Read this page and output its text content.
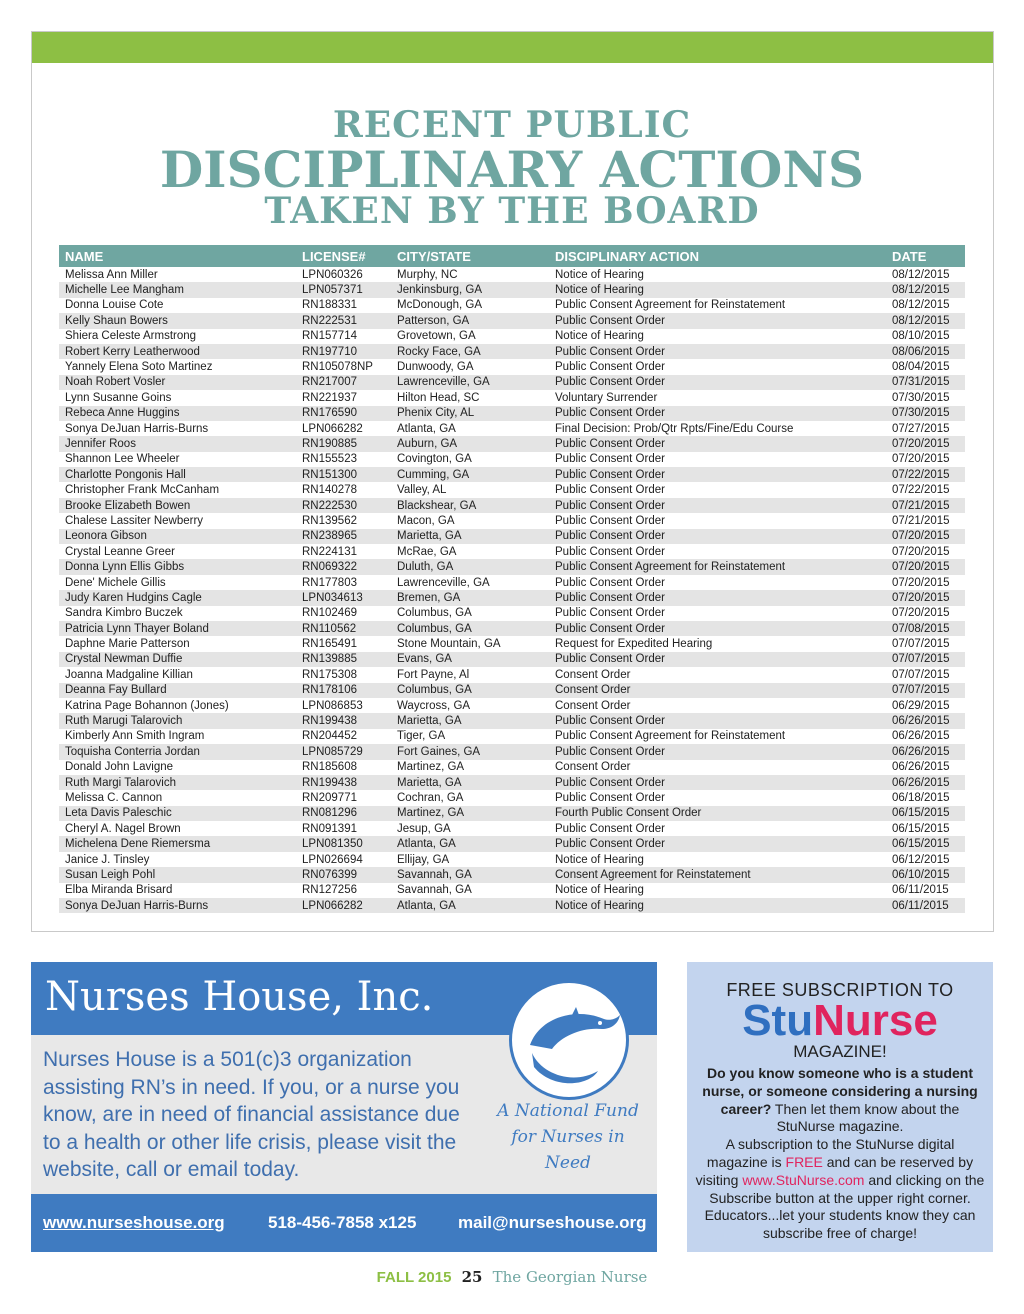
RECENT PUBLIC
DISCIPLINARY ACTIONS
TAKEN BY THE BOARD
NAME	LICENSE#	CITY/STATE	DISCIPLINARY ACTION	DATE
Melissa Ann Miller	LPN060326	Murphy, NC	Notice of Hearing	08/12/2015
Michelle Lee Mangham	LPN057371	Jenkinsburg, GA	Notice of Hearing	08/12/2015
Donna Louise Cote	RN188331	McDonough, GA	Public Consent Agreement for Reinstatement	08/12/2015
Kelly Shaun Bowers	RN222531	Patterson, GA	Public Consent Order	08/12/2015
Shiera Celeste Armstrong	RN157714	Grovetown, GA	Notice of Hearing	08/10/2015
Robert Kerry Leatherwood	RN197710	Rocky Face, GA	Public Consent Order	08/06/2015
Yannely Elena Soto Martinez	RN105078NP	Dunwoody, GA	Public Consent Order	08/04/2015
Noah Robert Vosler	RN217007	Lawrenceville, GA	Public Consent Order	07/31/2015
Lynn Susanne Goins	RN221937	Hilton Head, SC	Voluntary Surrender	07/30/2015
Rebeca Anne Huggins	RN176590	Phenix City, AL	Public Consent Order	07/30/2015
Sonya DeJuan Harris-Burns	LPN066282	Atlanta, GA	Final Decision: Prob/Qtr Rpts/Fine/Edu Course	07/27/2015
Jennifer Roos	RN190885	Auburn, GA	Public Consent Order	07/20/2015
Shannon Lee Wheeler	RN155523	Covington, GA	Public Consent Order	07/20/2015
Charlotte Pongonis Hall	RN151300	Cumming, GA	Public Consent Order	07/22/2015
Christopher Frank McCanham	RN140278	Valley, AL	Public Consent Order	07/22/2015
Brooke Elizabeth Bowen	RN222530	Blackshear, GA	Public Consent Order	07/21/2015
Chalese Lassiter Newberry	RN139562	Macon, GA	Public Consent Order	07/21/2015
Leonora Gibson	RN238965	Marietta, GA	Public Consent Order	07/20/2015
Crystal Leanne Greer	RN224131	McRae, GA	Public Consent Order	07/20/2015
Donna Lynn Ellis Gibbs	RN069322	Duluth, GA	Public Consent Agreement for Reinstatement	07/20/2015
Dene' Michele Gillis	RN177803	Lawrenceville, GA	Public Consent Order	07/20/2015
Judy Karen Hudgins Cagle	LPN034613	Bremen, GA	Public Consent Order	07/20/2015
Sandra Kimbro Buczek	RN102469	Columbus, GA	Public Consent Order	07/20/2015
Patricia Lynn Thayer Boland	RN110562	Columbus, GA	Public Consent Order	07/08/2015
Daphne Marie Patterson	RN165491	Stone Mountain, GA	Request for Expedited Hearing	07/07/2015
Crystal Newman Duffie	RN139885	Evans, GA	Public Consent Order	07/07/2015
Joanna Madgaline Killian	RN175308	Fort Payne, Al	Consent Order	07/07/2015
Deanna Fay Bullard	RN178106	Columbus, GA	Consent Order	07/07/2015
Katrina Page Bohannon (Jones)	LPN086853	Waycross, GA	Consent Order	06/29/2015
Ruth Marugi Talarovich	RN199438	Marietta, GA	Public Consent Order	06/26/2015
Kimberly Ann Smith Ingram	RN204452	Tiger, GA	Public Consent Agreement for Reinstatement	06/26/2015
Toquisha Conterria Jordan	LPN085729	Fort Gaines, GA	Public Consent Order	06/26/2015
Donald John Lavigne	RN185608	Martinez, GA	Consent Order	06/26/2015
Ruth Margi Talarovich	RN199438	Marietta, GA	Public Consent Order	06/26/2015
Melissa C. Cannon	RN209771	Cochran, GA	Public Consent Order	06/18/2015
Leta Davis Paleschic	RN081296	Martinez, GA	Fourth Public Consent Order	06/15/2015
Cheryl A. Nagel Brown	RN091391	Jesup, GA	Public Consent Order	06/15/2015
Michelena Dene Riemersma	LPN081350	Atlanta, GA	Public Consent Order	06/15/2015
Janice J. Tinsley	LPN026694	Ellijay, GA	Notice of Hearing	06/12/2015
Susan Leigh Pohl	RN076399	Savannah, GA	Consent Agreement for Reinstatement	06/10/2015
Elba Miranda Brisard	RN127256	Savannah, GA	Notice of Hearing	06/11/2015
Sonya DeJuan Harris-Burns	LPN066282	Atlanta, GA	Notice of Hearing	06/11/2015
Nurses House, Inc.
Nurses House is a 501(c)3 organization assisting RN’s in need. If you, or a nurse you know, are in need of financial assistance due to a health or other life crisis, please visit the website, call or email today.
A National Fund
for Nurses in Need
www.nurseshouse.org	518-456-7858 x125 mail@nurseshouse.org
FREE SUBSCRIPTION TO
StuNurse
MAGAZINE!
Do you know someone who is a student nurse, or someone considering a nursing career? Then let them know about the StuNurse magazine.
A subscription to the StuNurse digital magazine is FREE and can be reserved by visiting www.StuNurse.com and clicking on the Subscribe button at the upper right corner. Educators...let your students know they can subscribe free of charge!
FALL 2015 25 The Georgian Nurse
